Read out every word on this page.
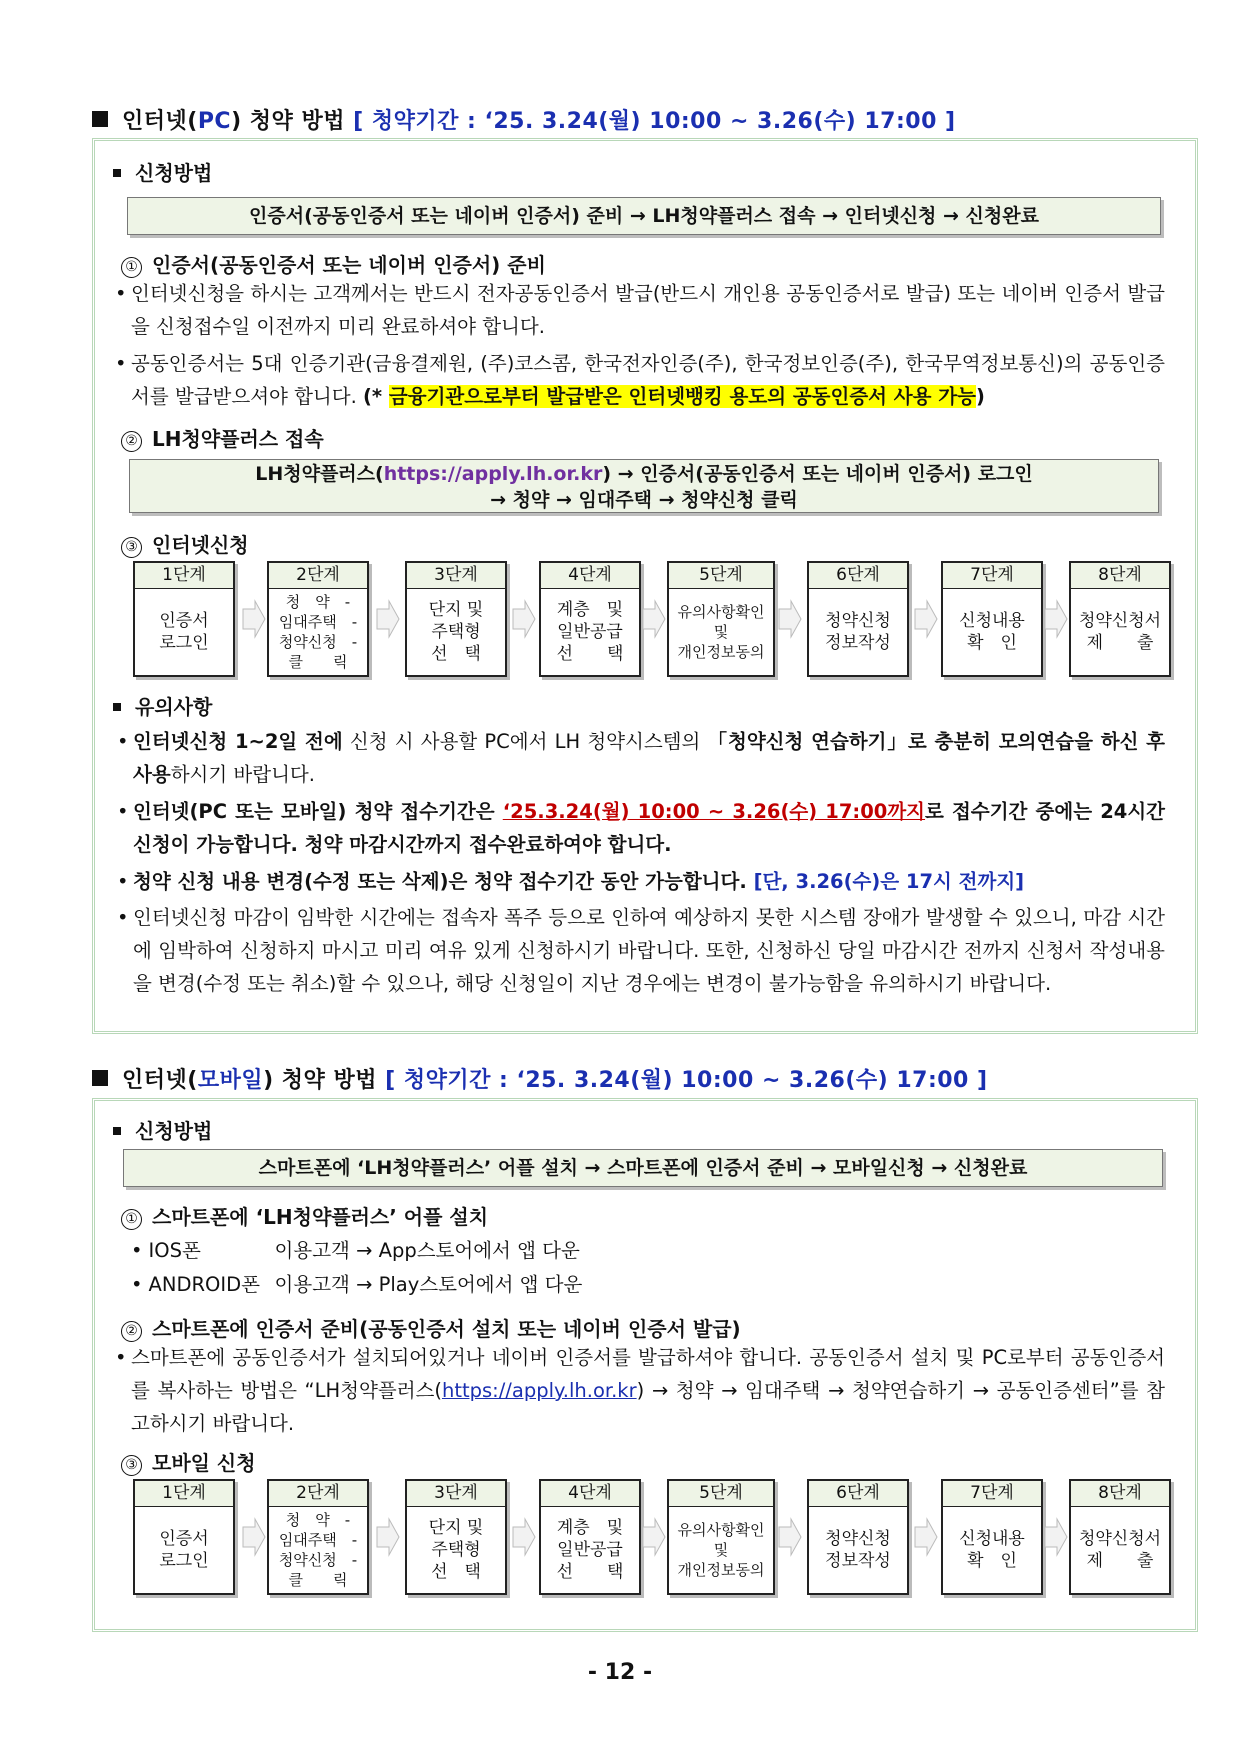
인터넷(PC) 청약 방법 [ 청약기간 : ‘25. 3.24(월) 10:00 ~ 3.26(수) 17:00 ]
신청방법
인증서(공동인증서 또는 네이버 인증서) 준비 → LH청약플러스 접속 → 인터넷신청 → 신청완료
① 인증서(공동인증서 또는 네이버 인증서) 준비
• 인터넷신청을 하시는 고객께서는 반드시 전자공동인증서 발급(반드시 개인용 공동인증서로 발급) 또는 네이버 인증서 발급을 신청접수일 이전까지 미리 완료하셔야 합니다.
• 공동인증서는 5대 인증기관(금융결제원, (주)코스콤, 한국전자인증(주), 한국정보인증(주), 한국무역정보통신)의 공동인증서를 발급받으셔야 합니다. (* 금융기관으로부터 발급받은 인터넷뱅킹 용도의 공동인증서 사용 가능)
② LH청약플러스 접속
LH청약플러스(https://apply.lh.or.kr) → 인증서(공동인증서 또는 네이버 인증서) 로그인
→ 청약 → 임대주택 → 청약신청 클릭
③ 인터넷신청
1단계
인증서
로그인
2단계
청　약　-
임대주택　-
청약신청　-
클　　릭
3단계
단지 및
주택형
선　택
4단계
계층　및
일반공급
선　　택
5단계
유의사항확인
및
개인정보동의
6단계
청약신청
정보작성
7단계
신청내용
확　인
8단계
청약신청서
제　　출
유의사항
• 인터넷신청 1~2일 전에 신청 시 사용할 PC에서 LH 청약시스템의 「청약신청 연습하기」로 충분히 모의연습을 하신 후 사용하시기 바랍니다.
• 인터넷(PC 또는 모바일) 청약 접수기간은 ‘25.3.24(월) 10:00 ~ 3.26(수) 17:00까지로 접수기간 중에는 24시간 신청이 가능합니다. 청약 마감시간까지 접수완료하여야 합니다.
• 청약 신청 내용 변경(수정 또는 삭제)은 청약 접수기간 동안 가능합니다. [단, 3.26(수)은 17시 전까지]
• 인터넷신청 마감이 임박한 시간에는 접속자 폭주 등으로 인하여 예상하지 못한 시스템 장애가 발생할 수 있으니, 마감 시간에 임박하여 신청하지 마시고 미리 여유 있게 신청하시기 바랍니다. 또한, 신청하신 당일 마감시간 전까지 신청서 작성내용을 변경(수정 또는 취소)할 수 있으나, 해당 신청일이 지난 경우에는 변경이 불가능함을 유의하시기 바랍니다.
인터넷(모바일) 청약 방법 [ 청약기간 : ‘25. 3.24(월) 10:00 ~ 3.26(수) 17:00 ]
신청방법
스마트폰에 ‘LH청약플러스’ 어플 설치 → 스마트폰에 인증서 준비 → 모바일신청 → 신청완료
① 스마트폰에 ‘LH청약플러스’ 어플 설치
• IOS폰	이용고객 → App스토어에서 앱 다운
• ANDROID폰 이용고객 → Play스토어에서 앱 다운
② 스마트폰에 인증서 준비(공동인증서 설치 또는 네이버 인증서 발급)
• 스마트폰에 공동인증서가 설치되어있거나 네이버 인증서를 발급하셔야 합니다. 공동인증서 설치 및 PC로부터 공동인증서를 복사하는 방법은 “LH청약플러스(https://apply.lh.or.kr) → 청약 → 임대주택 → 청약연습하기 → 공동인증센터”를 참고하시기 바랍니다.
③ 모바일 신청
1단계
인증서
로그인
2단계
청　약　-
임대주택　-
청약신청　-
클　　릭
3단계
단지 및
주택형
선　택
4단계
계층　및
일반공급
선　　택
5단계
유의사항확인
및
개인정보동의
6단계
청약신청
정보작성
7단계
신청내용
확　인
8단계
청약신청서
제　　출
- 12 -
